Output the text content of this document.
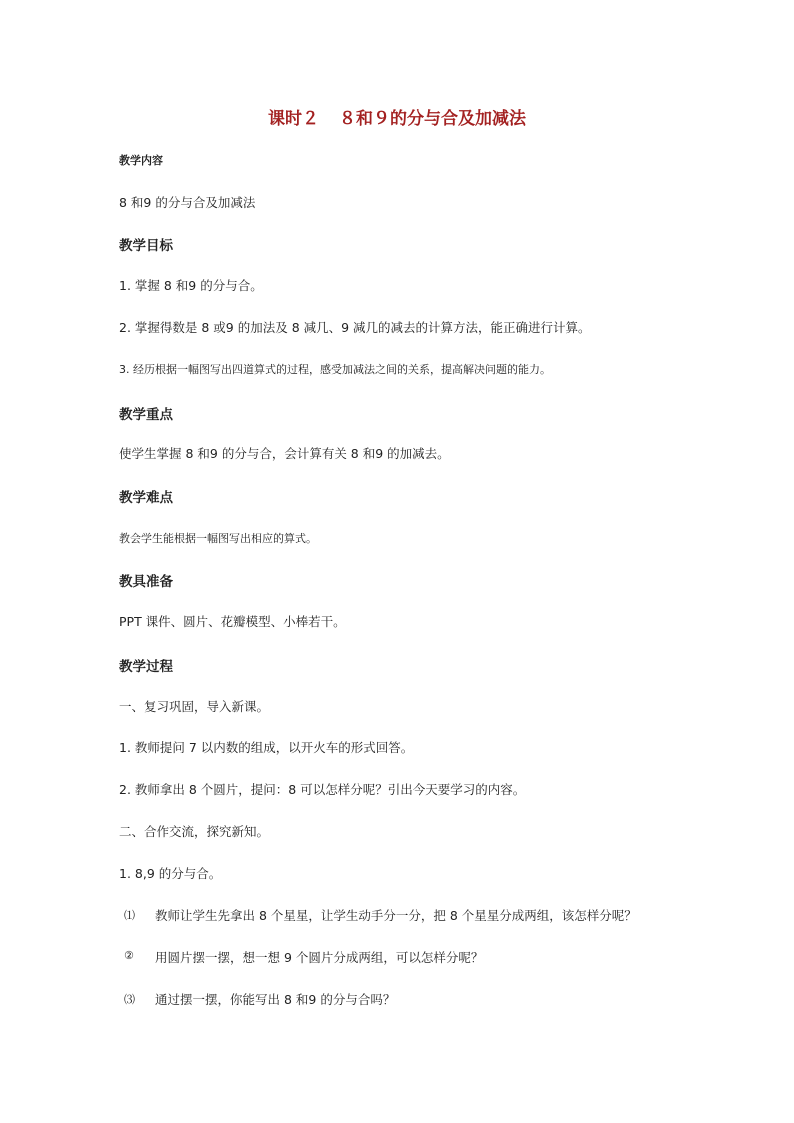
课时２ ８和９的分与合及加减法
教学内容
8 和9 的分与合及加减法
教学目标
1. 掌握 8 和9 的分与合。
2. 掌握得数是 8 或9 的加法及 8 减几、9 减几的减去的计算方法，能正确进行计算。
3. 经历根据一幅图写出四道算式的过程，感受加减法之间的关系，提高解决问题的能力。
教学重点
使学生掌握 8 和9 的分与合，会计算有关 8 和9 的加减去。
教学难点
教会学生能根据一幅图写出相应的算式。
教具准备
PPT 课件、圆片、花瓣模型、小棒若干。
教学过程
一、复习巩固，导入新课。
1. 教师提问 7 以内数的组成，以开火车的形式回答。
2. 教师拿出 8 个圆片，提问：8 可以怎样分呢？引出今天要学习的内容。
二、合作交流，探究新知。
1. 8,9 的分与合。
⑴ 教师让学生先拿出 8 个星星，让学生动手分一分，把 8 个星星分成两组，该怎样分呢？
② 用圆片摆一摆，想一想 9 个圆片分成两组，可以怎样分呢？
⑶ 通过摆一摆，你能写出 8 和9 的分与合吗？
